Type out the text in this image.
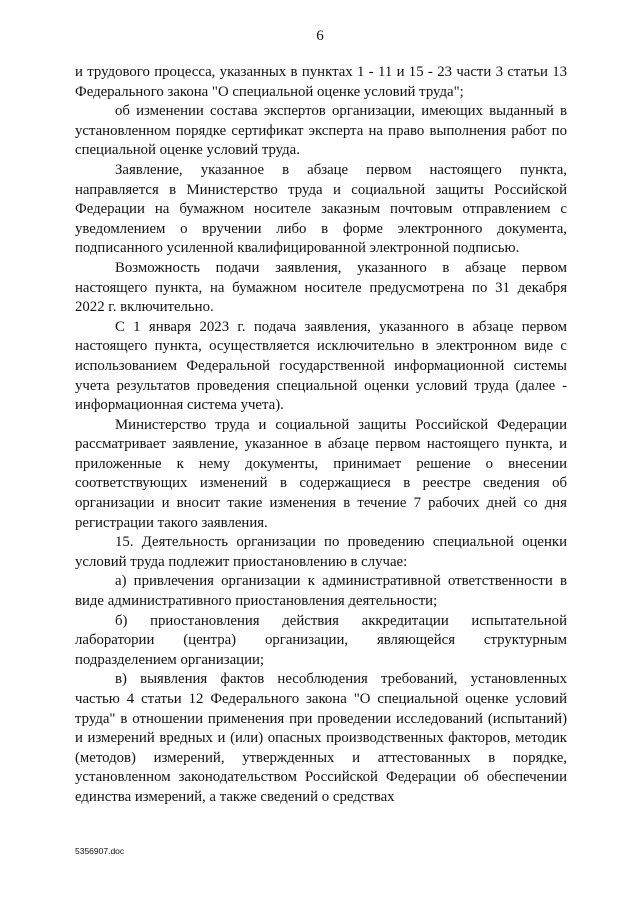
6

и трудового процесса, указанных в пунктах 1 - 11 и 15 - 23 части 3 статьи 13 Федерального закона "О специальной оценке условий труда";

об изменении состава экспертов организации, имеющих выданный в установленном порядке сертификат эксперта на право выполнения работ по специальной оценке условий труда.

Заявление, указанное в абзаце первом настоящего пункта, направляется в Министерство труда и социальной защиты Российской Федерации на бумажном носителе заказным почтовым отправлением с уведомлением о вручении либо в форме электронного документа, подписанного усиленной квалифицированной электронной подписью.

Возможность подачи заявления, указанного в абзаце первом настоящего пункта, на бумажном носителе предусмотрена по 31 декабря 2022 г. включительно.

С 1 января 2023 г. подача заявления, указанного в абзаце первом настоящего пункта, осуществляется исключительно в электронном виде с использованием Федеральной государственной информационной системы учета результатов проведения специальной оценки условий труда (далее - информационная система учета).

Министерство труда и социальной защиты Российской Федерации рассматривает заявление, указанное в абзаце первом настоящего пункта, и приложенные к нему документы, принимает решение о внесении соответствующих изменений в содержащиеся в реестре сведения об организации и вносит такие изменения в течение 7 рабочих дней со дня регистрации такого заявления.

15. Деятельность организации по проведению специальной оценки условий труда подлежит приостановлению в случае:

а) привлечения организации к административной ответственности в виде административного приостановления деятельности;

б) приостановления действия аккредитации испытательной лаборатории (центра) организации, являющейся структурным подразделением организации;

в) выявления фактов несоблюдения требований, установленных частью 4 статьи 12 Федерального закона "О специальной оценке условий труда" в отношении применения при проведении исследований (испытаний) и измерений вредных и (или) опасных производственных факторов, методик (методов) измерений, утвержденных и аттестованных в порядке, установленном законодательством Российской Федерации об обеспечении единства измерений, а также сведений о средствах

5356907.doc
